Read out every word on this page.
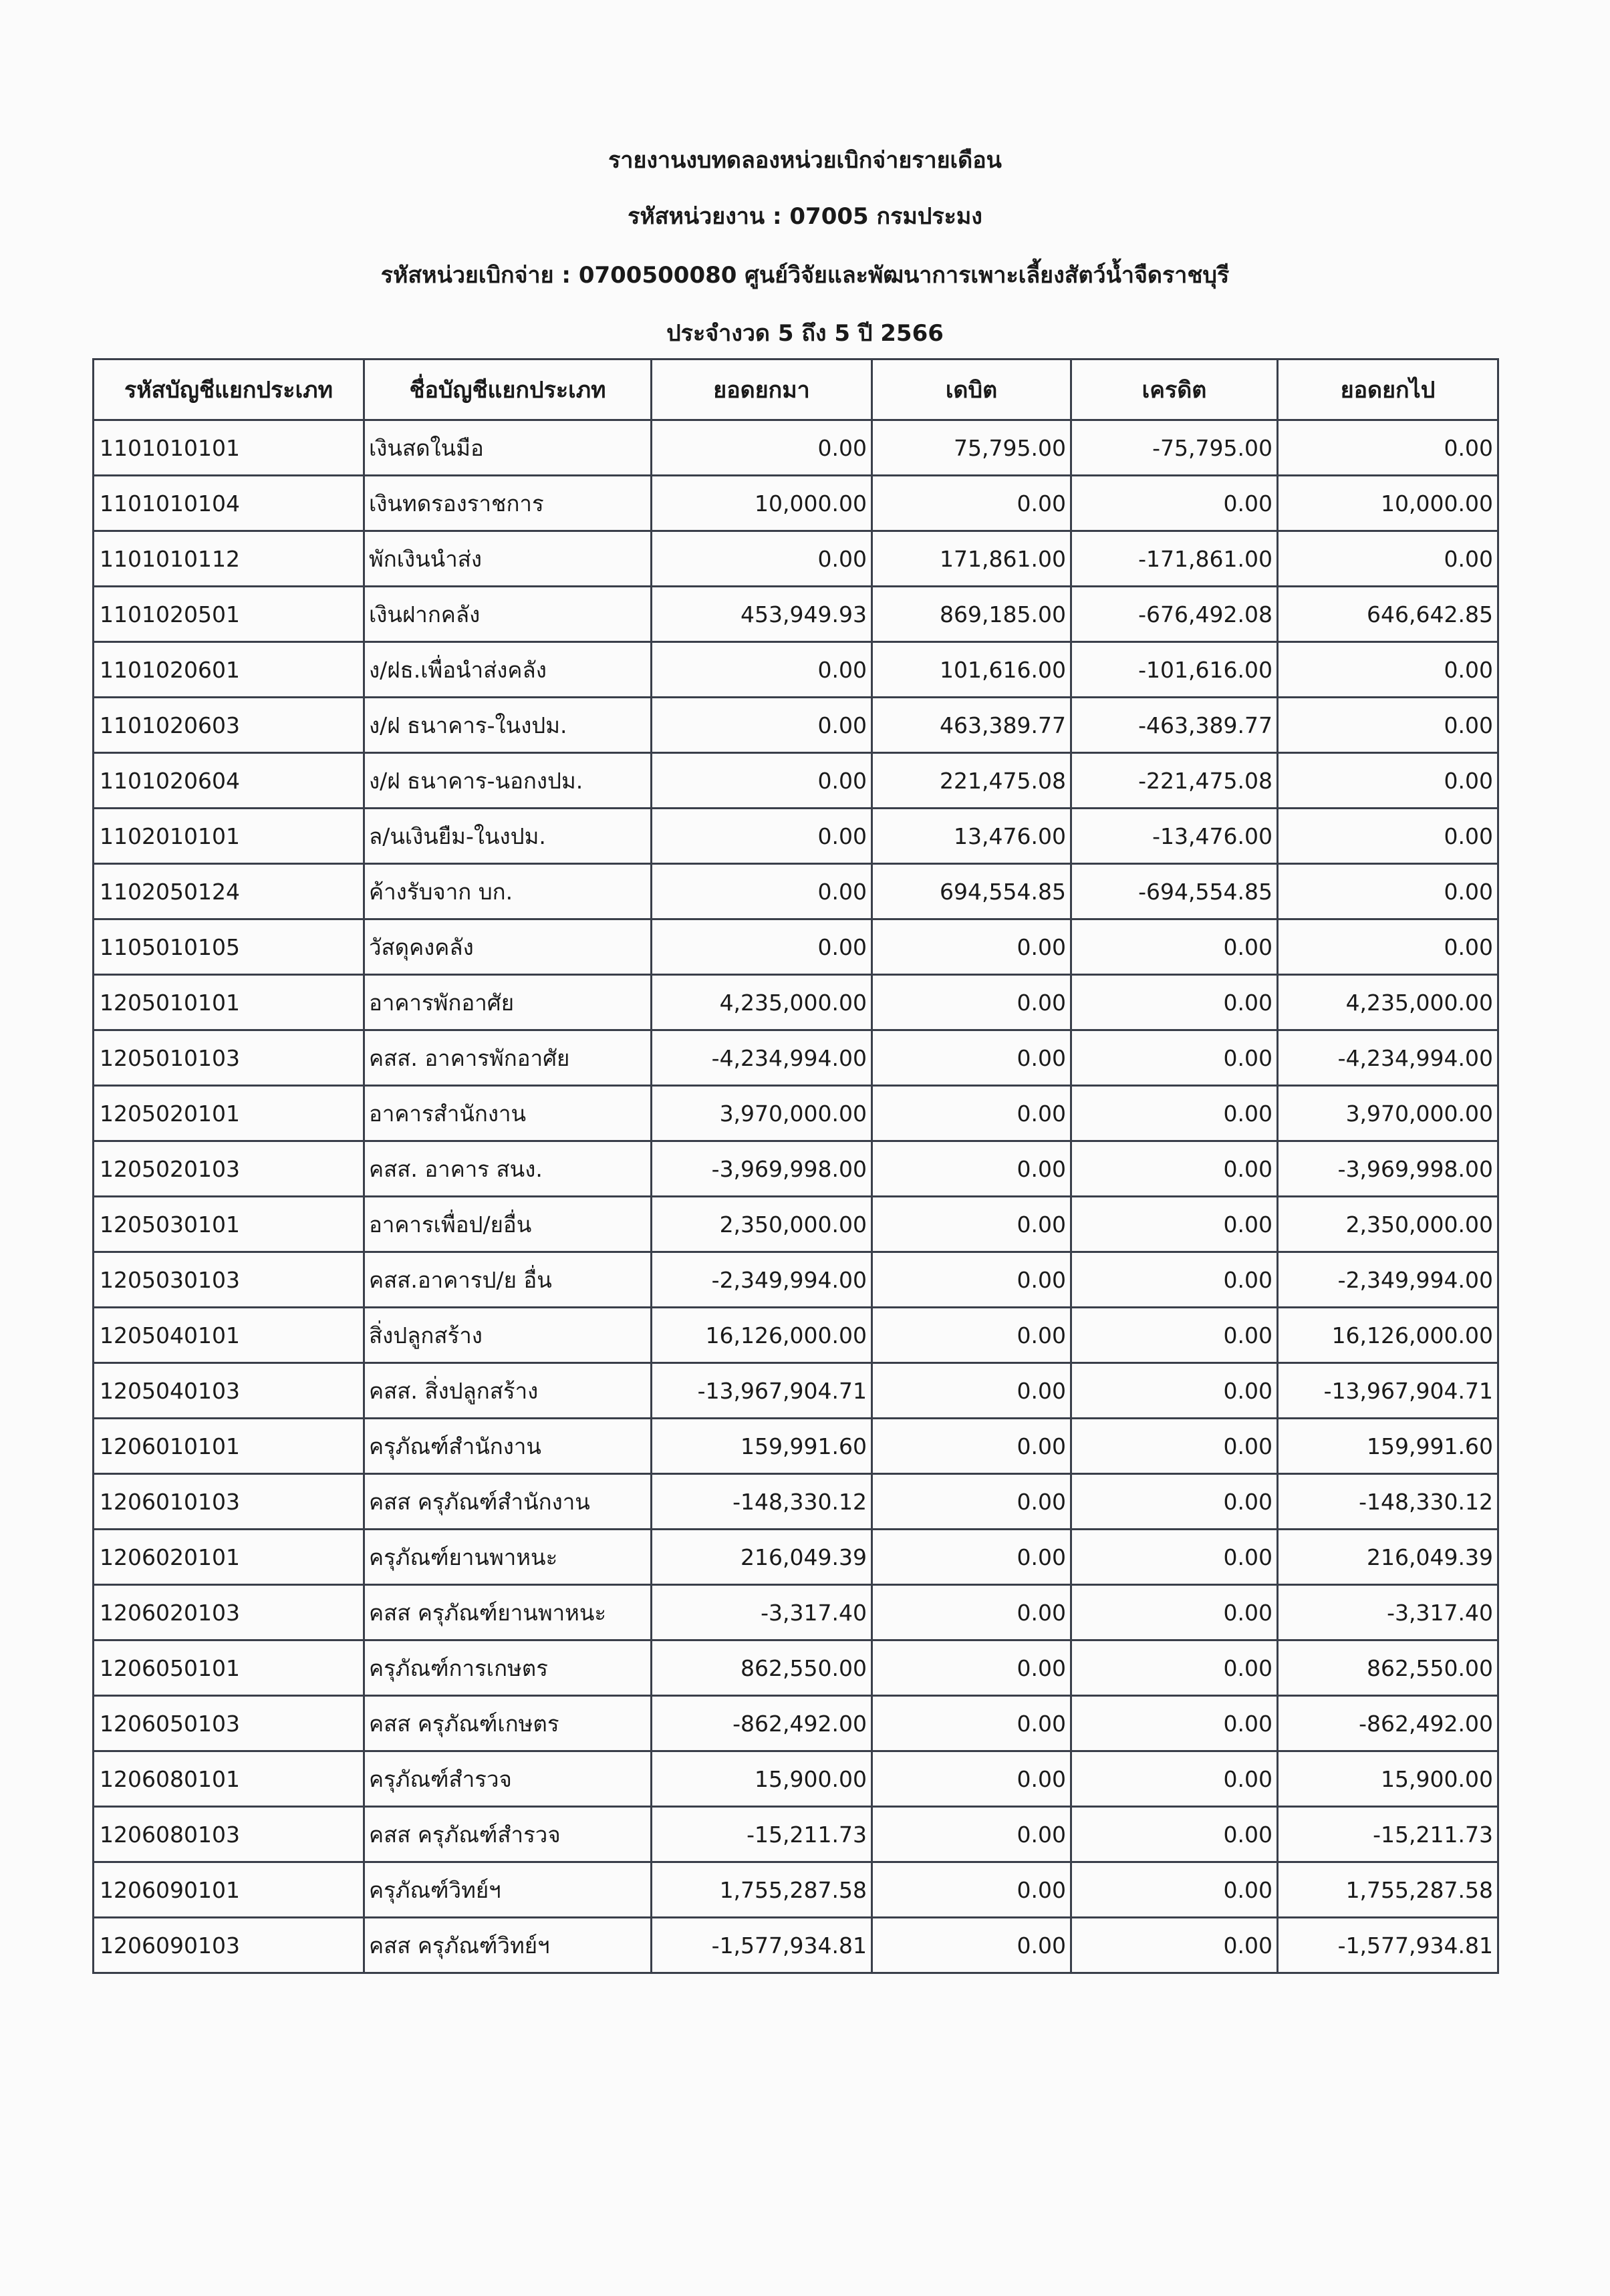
รายงานงบทดลองหน่วยเบิกจ่ายรายเดือน
รหัสหน่วยงาน : 07005 กรมประมง
รหัสหน่วยเบิกจ่าย : 0700500080 ศูนย์วิจัยและพัฒนาการเพาะเลี้ยงสัตว์น้ำจืดราชบุรี
ประจำงวด 5 ถึง 5 ปี 2566
รหัสบัญชีแยกประเภท	ชื่อบัญชีแยกประเภท	ยอดยกมา	เดบิต	เครดิต	ยอดยกไป
1101010101	เงินสดในมือ	0.00	75,795.00	-75,795.00	0.00
1101010104	เงินทดรองราชการ	10,000.00	0.00	0.00	10,000.00
1101010112	พักเงินนำส่ง	0.00	171,861.00	-171,861.00	0.00
1101020501	เงินฝากคลัง	453,949.93	869,185.00	-676,492.08	646,642.85
1101020601	ง/ฝธ.เพื่อนำส่งคลัง	0.00	101,616.00	-101,616.00	0.00
1101020603	ง/ฝ ธนาคาร-ในงปม.	0.00	463,389.77	-463,389.77	0.00
1101020604	ง/ฝ ธนาคาร-นอกงปม.	0.00	221,475.08	-221,475.08	0.00
1102010101	ล/นเงินยืม-ในงปม.	0.00	13,476.00	-13,476.00	0.00
1102050124	ค้างรับจาก บก.	0.00	694,554.85	-694,554.85	0.00
1105010105	วัสดุคงคลัง	0.00	0.00	0.00	0.00
1205010101	อาคารพักอาศัย	4,235,000.00	0.00	0.00	4,235,000.00
1205010103	คสส. อาคารพักอาศัย	-4,234,994.00	0.00	0.00	-4,234,994.00
1205020101	อาคารสำนักงาน	3,970,000.00	0.00	0.00	3,970,000.00
1205020103	คสส. อาคาร สนง.	-3,969,998.00	0.00	0.00	-3,969,998.00
1205030101	อาคารเพื่อป/ยอื่น	2,350,000.00	0.00	0.00	2,350,000.00
1205030103	คสส.อาคารป/ย อื่น	-2,349,994.00	0.00	0.00	-2,349,994.00
1205040101	สิ่งปลูกสร้าง	16,126,000.00	0.00	0.00	16,126,000.00
1205040103	คสส. สิ่งปลูกสร้าง	-13,967,904.71	0.00	0.00	-13,967,904.71
1206010101	ครุภัณฑ์สำนักงาน	159,991.60	0.00	0.00	159,991.60
1206010103	คสส ครุภัณฑ์สำนักงาน	-148,330.12	0.00	0.00	-148,330.12
1206020101	ครุภัณฑ์ยานพาหนะ	216,049.39	0.00	0.00	216,049.39
1206020103	คสส ครุภัณฑ์ยานพาหนะ	-3,317.40	0.00	0.00	-3,317.40
1206050101	ครุภัณฑ์การเกษตร	862,550.00	0.00	0.00	862,550.00
1206050103	คสส ครุภัณฑ์เกษตร	-862,492.00	0.00	0.00	-862,492.00
1206080101	ครุภัณฑ์สำรวจ	15,900.00	0.00	0.00	15,900.00
1206080103	คสส ครุภัณฑ์สำรวจ	-15,211.73	0.00	0.00	-15,211.73
1206090101	ครุภัณฑ์วิทย์ฯ	1,755,287.58	0.00	0.00	1,755,287.58
1206090103	คสส ครุภัณฑ์วิทย์ฯ	-1,577,934.81	0.00	0.00	-1,577,934.81
